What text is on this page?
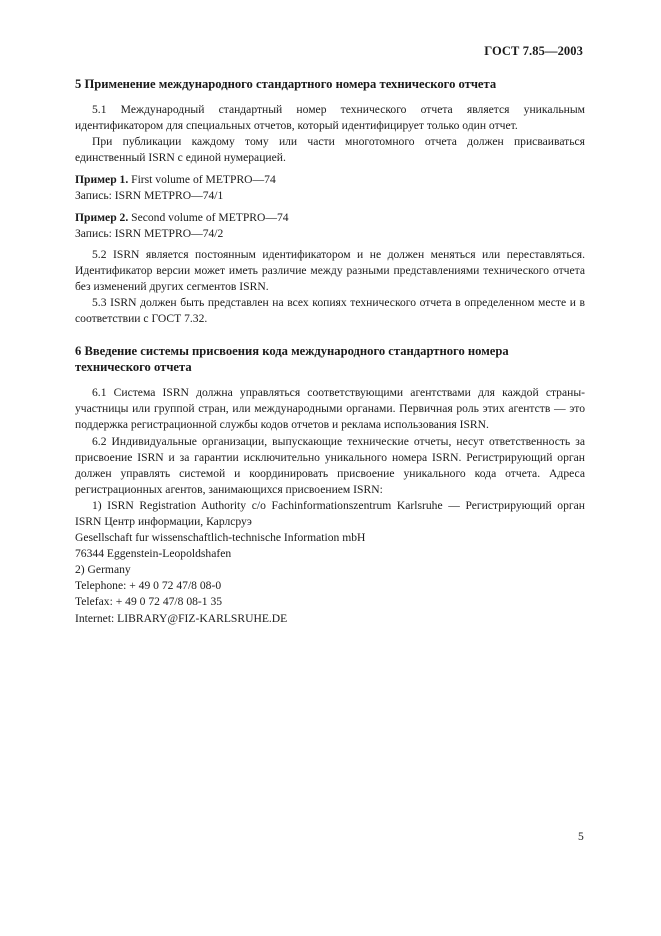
ГОСТ 7.85—2003
5 Применение международного стандартного номера технического отчета

5.1 Международный стандартный номер технического отчета является уникальным идентификатором для специальных отчетов, который идентифицирует только один отчет.

При публикации каждому тому или части многотомного отчета должен присваиваться единственный ISRN с единой нумерацией.

Пример 1. First volume of METPRO—74

Запись: ISRN METPRO—74/1

Пример 2. Second volume of METPRO—74

Запись: ISRN METPRO—74/2

5.2 ISRN является постоянным идентификатором и не должен меняться или переставляться. Идентификатор версии может иметь различие между разными представлениями технического отчета без изменений других сегментов ISRN.

5.3 ISRN должен быть представлен на всех копиях технического отчета в определенном месте и в соответствии с ГОСТ 7.32.

6 Введение системы присвоения кода международного стандартного номера технического отчета

6.1 Система ISRN должна управляться соответствующими агентствами для каждой страны-участницы или группой стран, или международными органами. Первичная роль этих агентств — это поддержка регистрационной службы кодов отчетов и реклама использования ISRN.

6.2 Индивидуальные организации, выпускающие технические отчеты, несут ответственность за присвоение ISRN и за гарантии исключительно уникального номера ISRN. Регистрирующий орган должен управлять системой и координировать присвоение уникального кода отчета. Адреса регистрационных агентов, занимающихся присвоением ISRN:

1) ISRN Registration Authority c/o Fachinformationszentrum Karlsruhe — Регистрирующий орган ISRN Центр информации, Карлсруэ

Gesellschaft fur wissenschaftlich-technische Information mbH

76344 Eggenstein-Leopoldshafen

2) Germany

Telephone: + 49 0 72 47/8 08-0

Telefax: + 49 0 72 47/8 08-1 35

Internet: LIBRARY@FIZ-KARLSRUHE.DE

5
